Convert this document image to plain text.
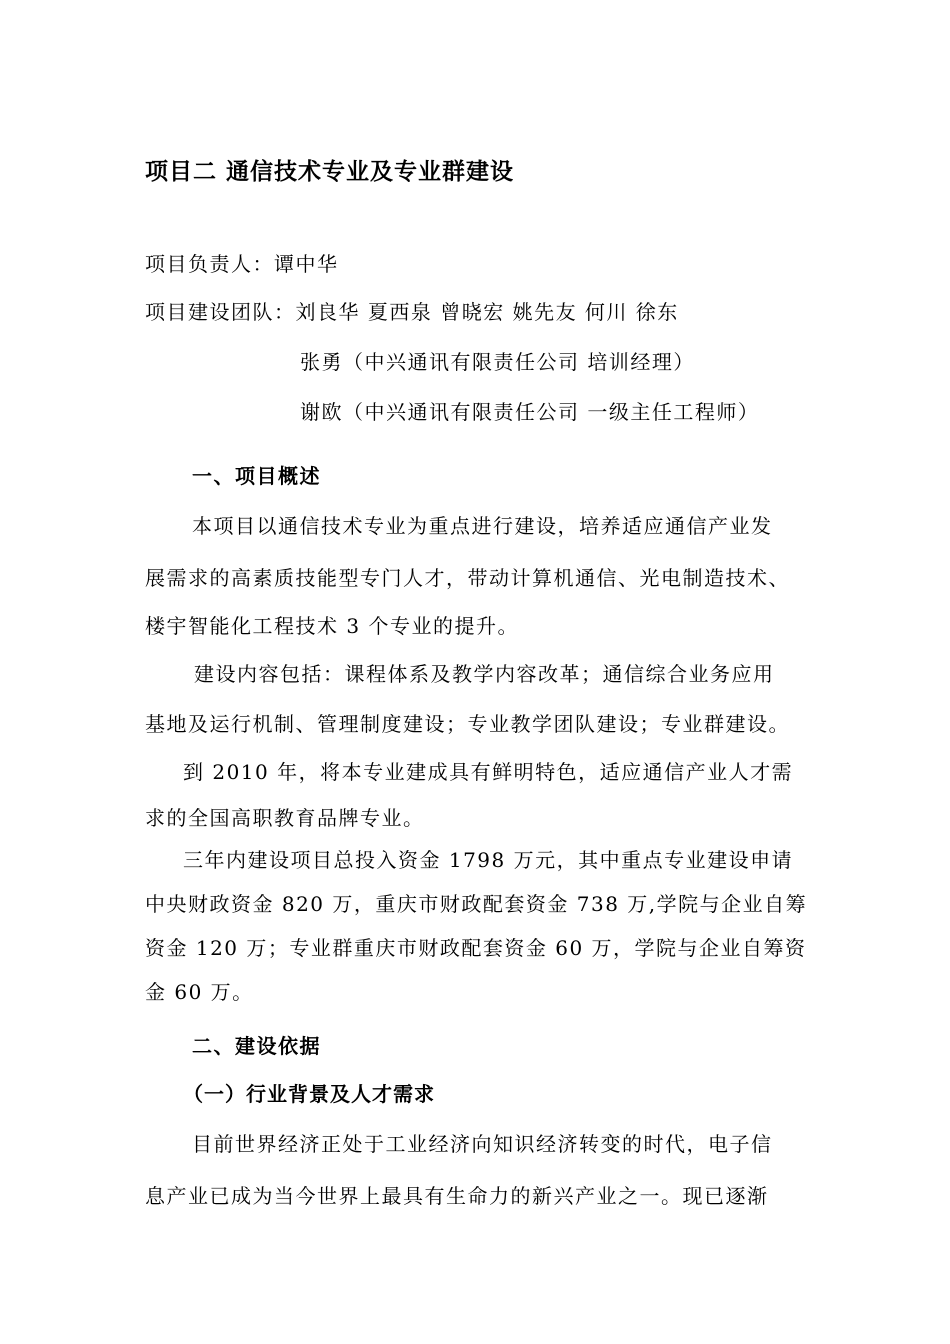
项目二 通信技术专业及专业群建设
项目负责人：谭中华
项目建设团队：刘良华 夏西泉 曾晓宏 姚先友 何川 徐东
张勇（中兴通讯有限责任公司 培训经理）
谢欧（中兴通讯有限责任公司 一级主任工程师）
一、项目概述
本项目以通信技术专业为重点进行建设，培养适应通信产业发
展需求的高素质技能型专门人才，带动计算机通信、光电制造技术、
楼宇智能化工程技术 3 个专业的提升。
建设内容包括：课程体系及教学内容改革；通信综合业务应用
基地及运行机制、管理制度建设；专业教学团队建设；专业群建设。
到 2010 年，将本专业建成具有鲜明特色，适应通信产业人才需
求的全国高职教育品牌专业。
三年内建设项目总投入资金 1798 万元，其中重点专业建设申请
中央财政资金 820 万，重庆市财政配套资金 738 万,学院与企业自筹
资金 120 万；专业群重庆市财政配套资金 60 万，学院与企业自筹资
金 60 万。
二、建设依据
（一）行业背景及人才需求
目前世界经济正处于工业经济向知识经济转变的时代，电子信
息产业已成为当今世界上最具有生命力的新兴产业之一。现已逐渐
